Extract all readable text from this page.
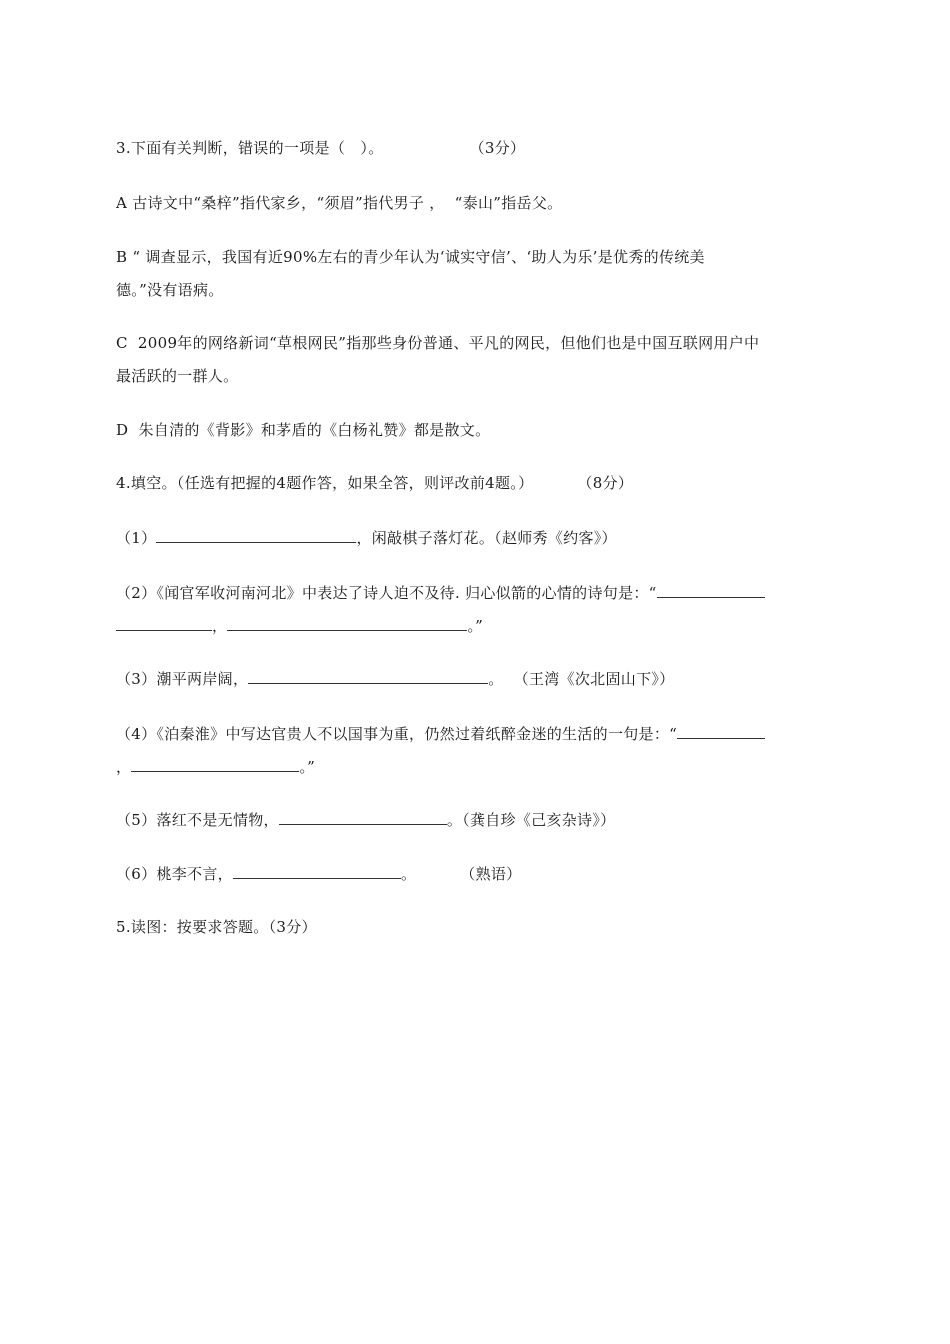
3.下面有关判断，错误的一项是（　）。	（3分）
A 古诗文中“桑梓”指代家乡，“须眉”指代男子 ，  “泰山”指岳父。
B “ 调查显示，我国有近90%左右的青少年认为‘诚实守信’、‘助人为乐’是优秀的传统美
德。”没有语病。
C  2009年的网络新词“草根网民”指那些身份普通、平凡的网民，但他们也是中国互联网用户中
最活跃的一群人。
D  朱自清的《背影》和茅盾的《白杨礼赞》都是散文。
4.填空。（任选有把握的4题作答，如果全答，则评改前4题。）	（8分）
（1）	，闲敲棋子落灯花。（赵师秀《约客》）
（2）《闻官军收河南河北》中表达了诗人迫不及待. 归心似箭的心情的诗句是：“
，	。”
（3）潮平两岸阔，	。  （王湾《次北固山下》）
（4）《泊秦淮》中写达官贵人不以国事为重，仍然过着纸醉金迷的生活的一句是：“
，	。”
（5）落红不是无情物，	。（龚自珍《己亥杂诗》）
（6）桃李不言，	。	（熟语）
5.读图：按要求答题。（3分）
